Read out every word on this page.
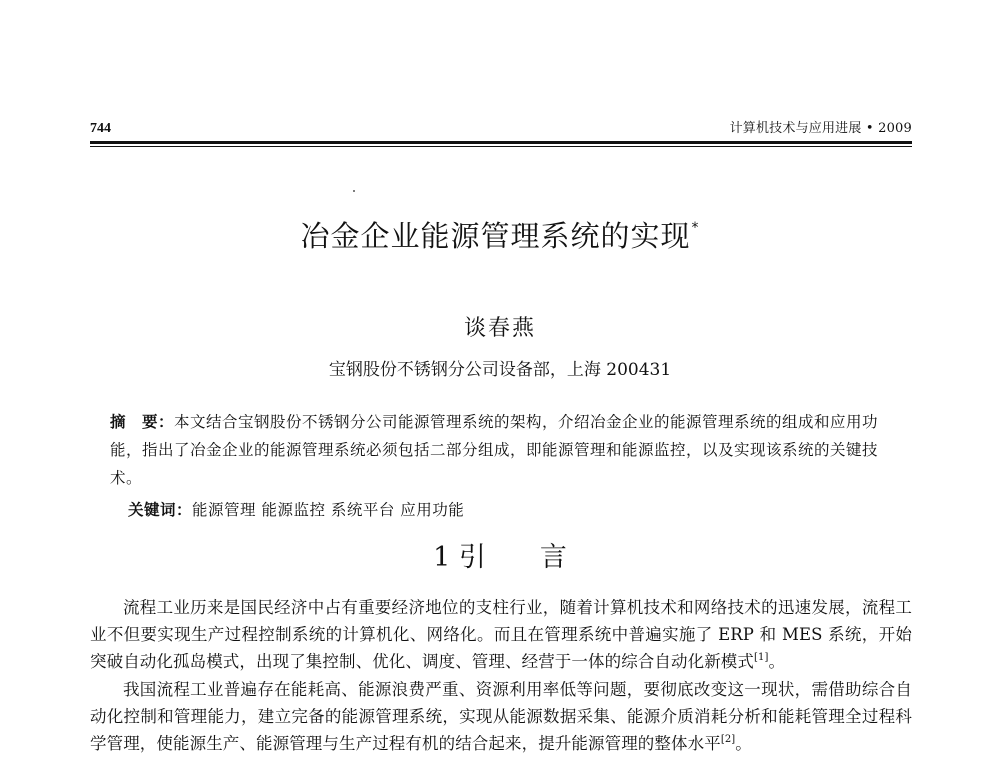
744	计算机技术与应用进展 • 2009
冶金企业能源管理系统的实现*
谈春燕
宝钢股份不锈钢分公司设备部，上海 200431
摘　要：本文结合宝钢股份不锈钢分公司能源管理系统的架构，介绍冶金企业的能源管理系统的组成和应用功能，指出了冶金企业的能源管理系统必须包括二部分组成，即能源管理和能源监控，以及实现该系统的关键技术。
关键词：能源管理 能源监控 系统平台 应用功能
1 引　　言
流程工业历来是国民经济中占有重要经济地位的支柱行业，随着计算机技术和网络技术的迅速发展，流程工业不但要实现生产过程控制系统的计算机化、网络化。而且在管理系统中普遍实施了 ERP 和 MES 系统，开始突破自动化孤岛模式，出现了集控制、优化、调度、管理、经营于一体的综合自动化新模式[1]。
我国流程工业普遍存在能耗高、能源浪费严重、资源利用率低等问题，要彻底改变这一现状，需借助综合自动化控制和管理能力，建立完备的能源管理系统，实现从能源数据采集、能源介质消耗分析和能耗管理全过程科学管理，使能源生产、能源管理与生产过程有机的结合起来，提升能源管理的整体水平[2]。
